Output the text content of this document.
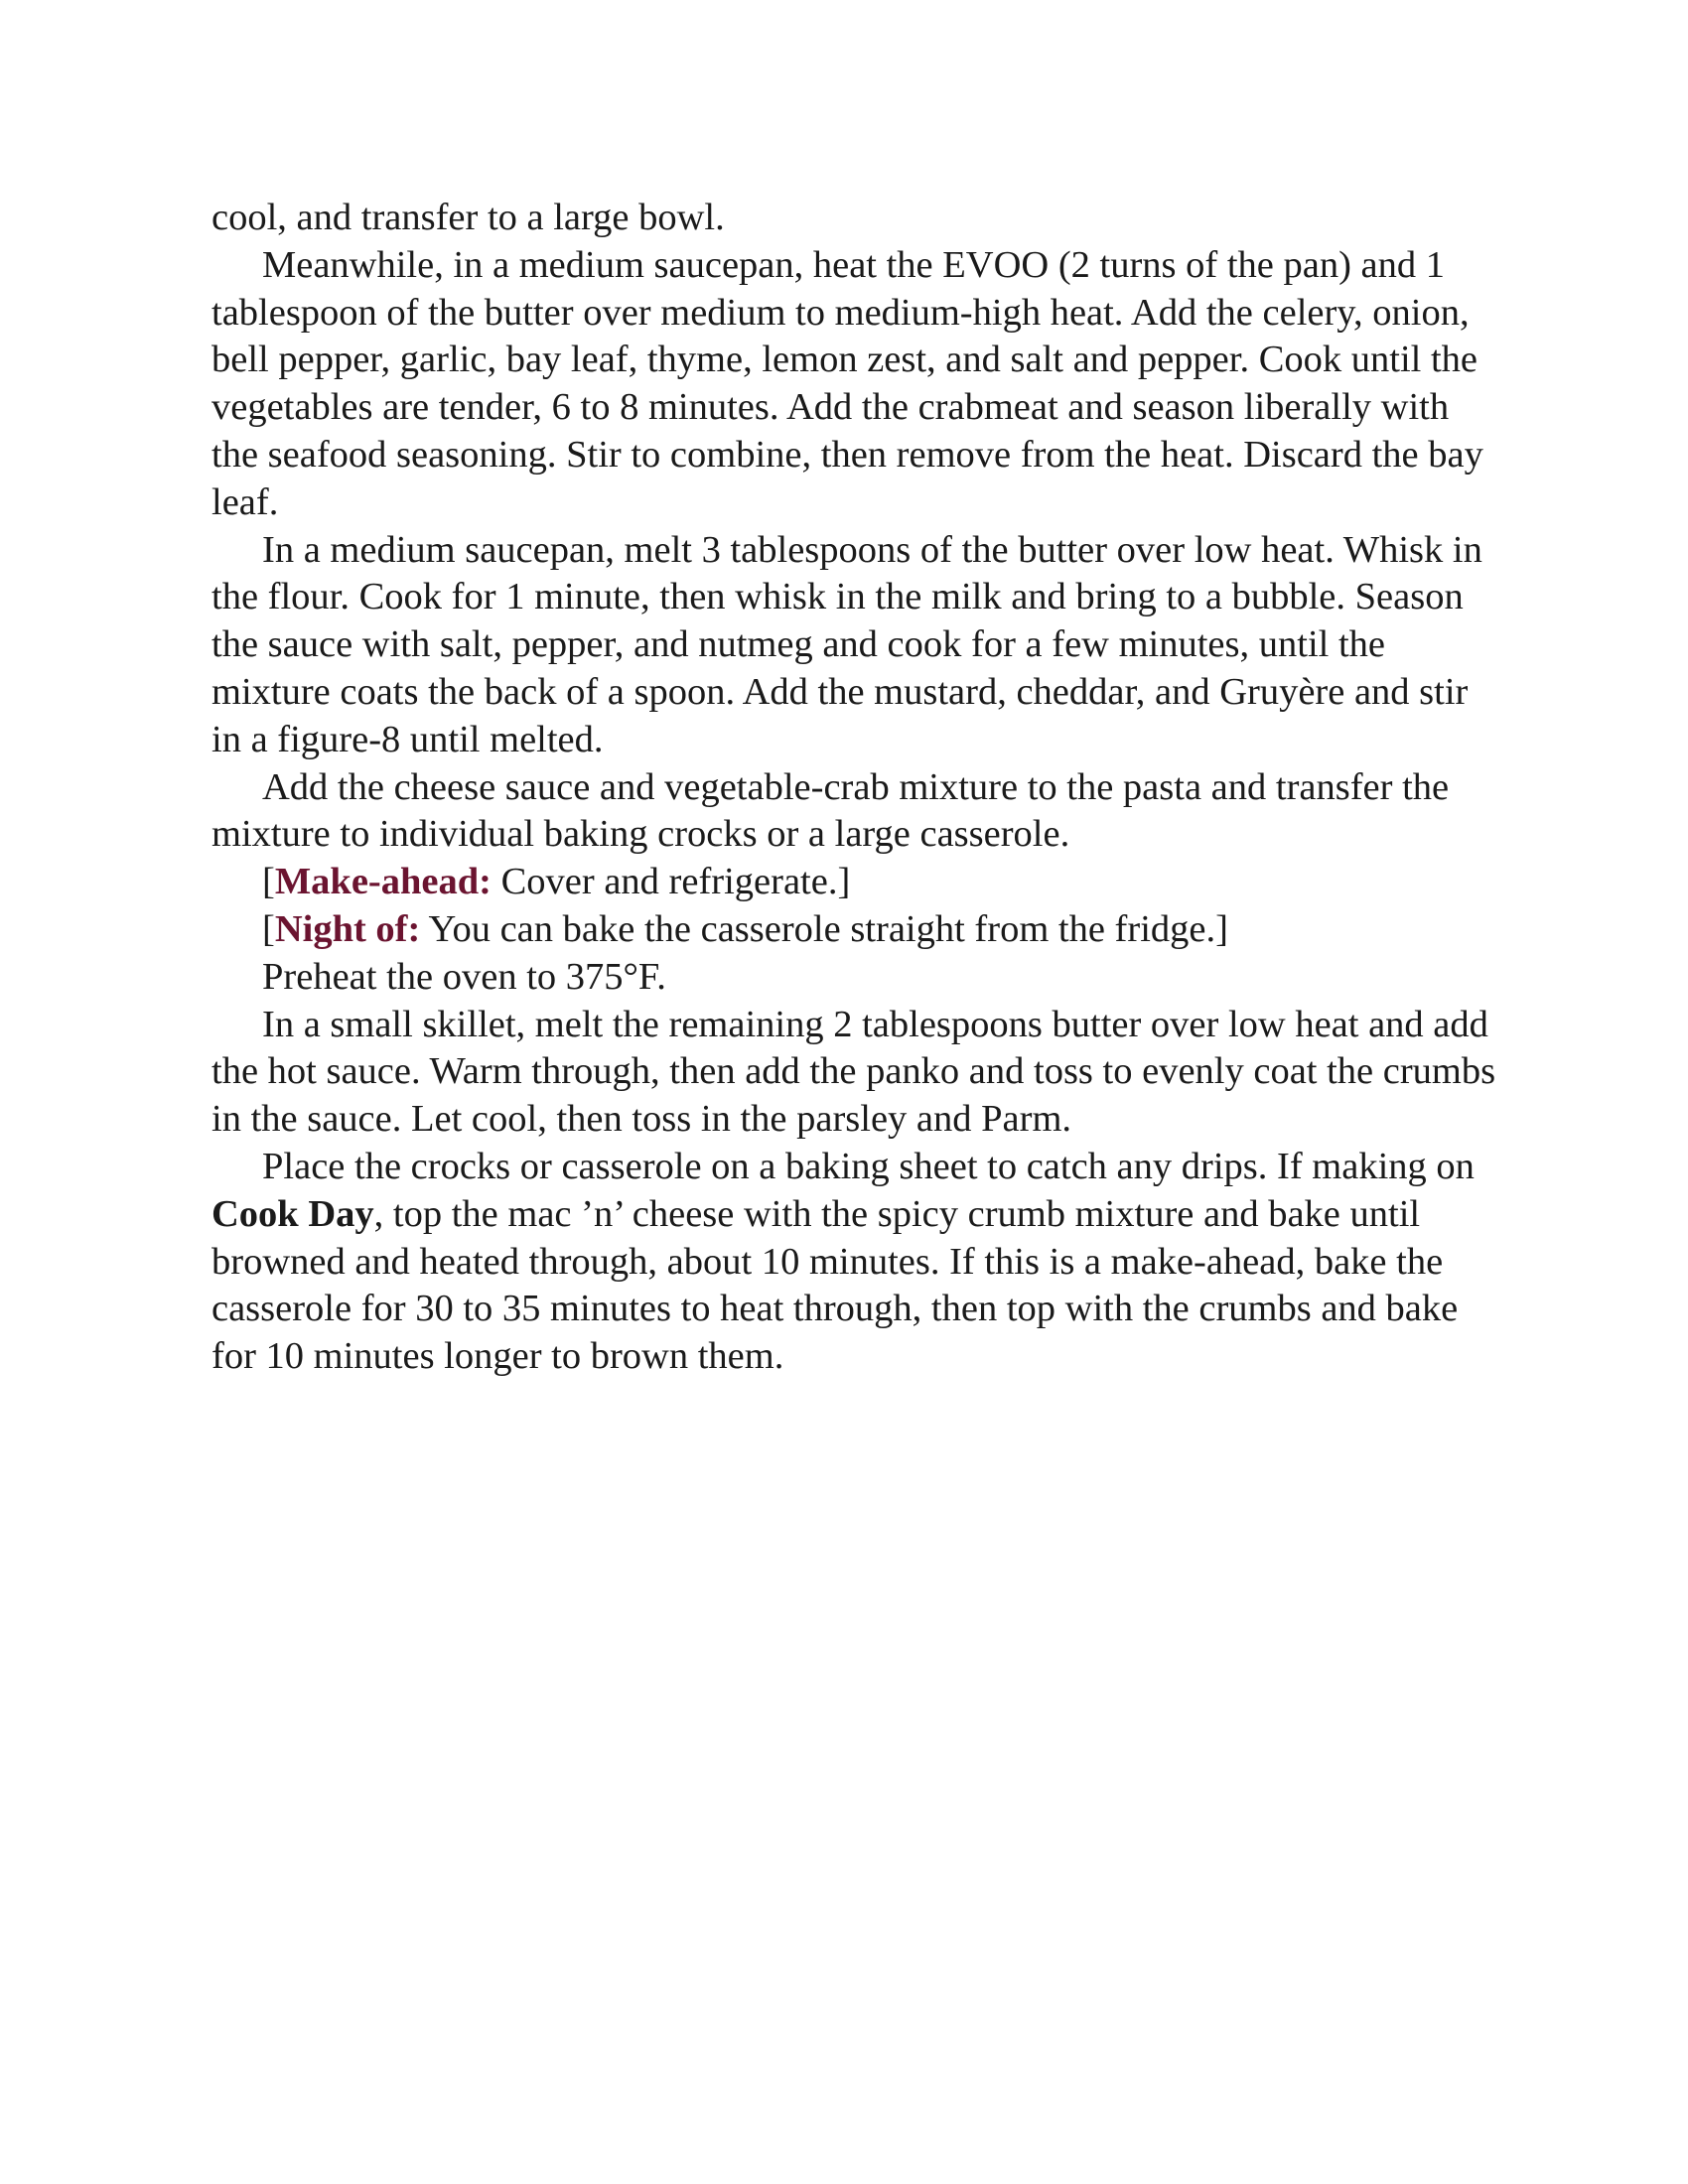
cool, and transfer to a large bowl.

Meanwhile, in a medium saucepan, heat the EVOO (2 turns of the pan) and 1 tablespoon of the butter over medium to medium-high heat. Add the celery, onion, bell pepper, garlic, bay leaf, thyme, lemon zest, and salt and pepper. Cook until the vegetables are tender, 6 to 8 minutes. Add the crabmeat and season liberally with the seafood seasoning. Stir to combine, then remove from the heat. Discard the bay leaf.

In a medium saucepan, melt 3 tablespoons of the butter over low heat. Whisk in the flour. Cook for 1 minute, then whisk in the milk and bring to a bubble. Season the sauce with salt, pepper, and nutmeg and cook for a few minutes, until the mixture coats the back of a spoon. Add the mustard, cheddar, and Gruyère and stir in a figure-8 until melted.

Add the cheese sauce and vegetable-crab mixture to the pasta and transfer the mixture to individual baking crocks or a large casserole.

[Make-ahead: Cover and refrigerate.]

[Night of: You can bake the casserole straight from the fridge.]

Preheat the oven to 375°F.

In a small skillet, melt the remaining 2 tablespoons butter over low heat and add the hot sauce. Warm through, then add the panko and toss to evenly coat the crumbs in the sauce. Let cool, then toss in the parsley and Parm.

Place the crocks or casserole on a baking sheet to catch any drips. If making on Cook Day, top the mac ’n’ cheese with the spicy crumb mixture and bake until browned and heated through, about 10 minutes. If this is a make-ahead, bake the casserole for 30 to 35 minutes to heat through, then top with the crumbs and bake for 10 minutes longer to brown them.
